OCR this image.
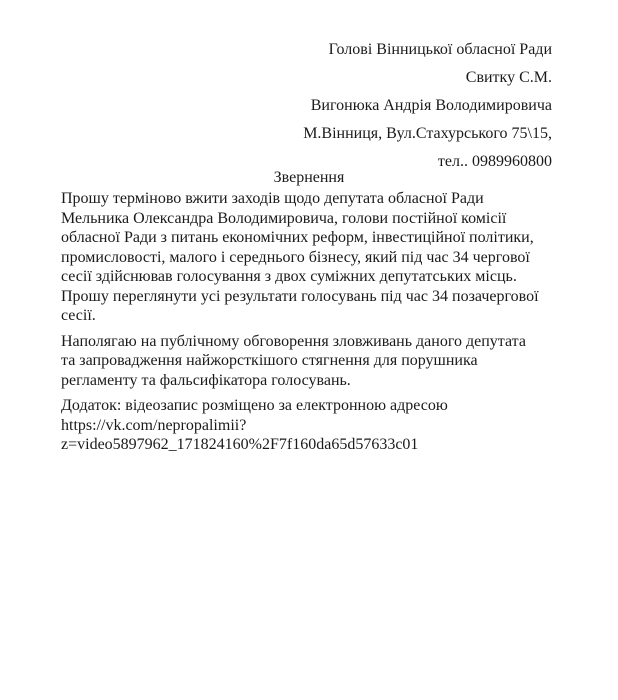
Голові Вінницької обласної Ради
Свитку С.М.
Вигонюка Андрія Володимировича
М.Вінниця, Вул.Стахурського 75\15,
тел.. 0989960800
Звернення

Прошу терміново вжити заходів щодо депутата обласної Ради
Мельника Олександра Володимировича, голови постійної комісії
обласної Ради з питань економічних реформ, інвестиційної політики,
промисловості, малого і середнього бізнесу, який під час 34 чергової
сесії здійснював голосування з двох суміжних депутатських місць.
Прошу переглянути усі результати голосувань під час 34 позачергової
сесії.

Наполягаю на публічному обговорення зловживань даного депутата
та запровадження найжорсткішого стягнення для порушника
регламенту та фальсифікатора голосувань.

Додаток: відеозапис розміщено за електронною адресою
https://vk.com/nepropalimii?
z=video5897962_171824160%2F7f160da65d57633c01
